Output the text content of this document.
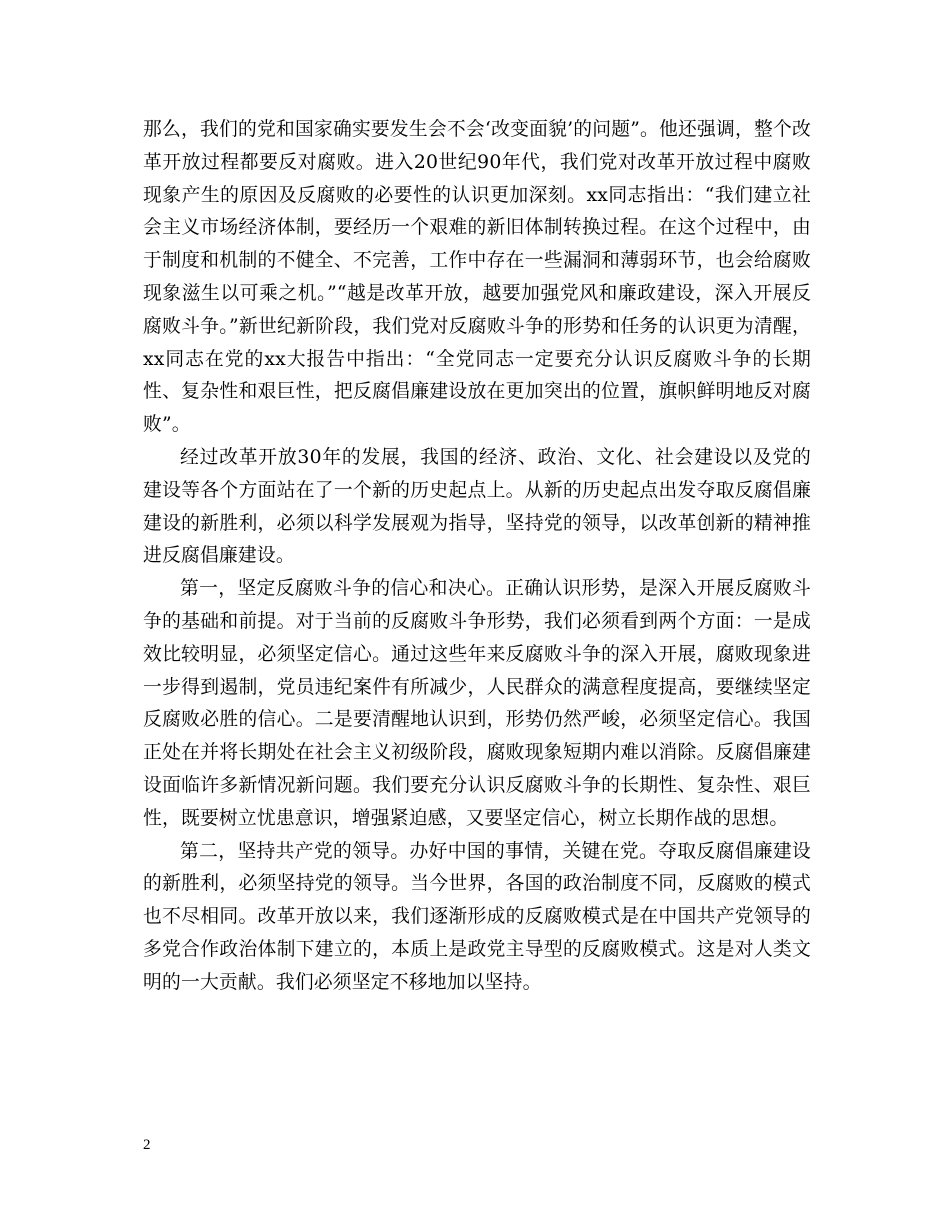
那么，我们的党和国家确实要发生会不会‘改变面貌’的问题”。他还强调，整个改革开放过程都要反对腐败。进入20世纪90年代，我们党对改革开放过程中腐败现象产生的原因及反腐败的必要性的认识更加深刻。xx同志指出：“我们建立社会主义市场经济体制，要经历一个艰难的新旧体制转换过程。在这个过程中，由于制度和机制的不健全、不完善，工作中存在一些漏洞和薄弱环节，也会给腐败现象滋生以可乘之机。”“越是改革开放，越要加强党风和廉政建设，深入开展反腐败斗争。”新世纪新阶段，我们党对反腐败斗争的形势和任务的认识更为清醒，xx同志在党的xx大报告中指出：“全党同志一定要充分认识反腐败斗争的长期性、复杂性和艰巨性，把反腐倡廉建设放在更加突出的位置，旗帜鲜明地反对腐败”。

经过改革开放30年的发展，我国的经济、政治、文化、社会建设以及党的建设等各个方面站在了一个新的历史起点上。从新的历史起点出发夺取反腐倡廉建设的新胜利，必须以科学发展观为指导，坚持党的领导，以改革创新的精神推进反腐倡廉建设。

第一，坚定反腐败斗争的信心和决心。正确认识形势，是深入开展反腐败斗争的基础和前提。对于当前的反腐败斗争形势，我们必须看到两个方面：一是成效比较明显，必须坚定信心。通过这些年来反腐败斗争的深入开展，腐败现象进一步得到遏制，党员违纪案件有所减少，人民群众的满意程度提高，要继续坚定反腐败必胜的信心。二是要清醒地认识到，形势仍然严峻，必须坚定信心。我国正处在并将长期处在社会主义初级阶段，腐败现象短期内难以消除。反腐倡廉建设面临许多新情况新问题。我们要充分认识反腐败斗争的长期性、复杂性、艰巨性，既要树立忧患意识，增强紧迫感，又要坚定信心，树立长期作战的思想。

第二，坚持共产党的领导。办好中国的事情，关键在党。夺取反腐倡廉建设的新胜利，必须坚持党的领导。当今世界，各国的政治制度不同，反腐败的模式也不尽相同。改革开放以来，我们逐渐形成的反腐败模式是在中国共产党领导的多党合作政治体制下建立的，本质上是政党主导型的反腐败模式。这是对人类文明的一大贡献。我们必须坚定不移地加以坚持。

2
